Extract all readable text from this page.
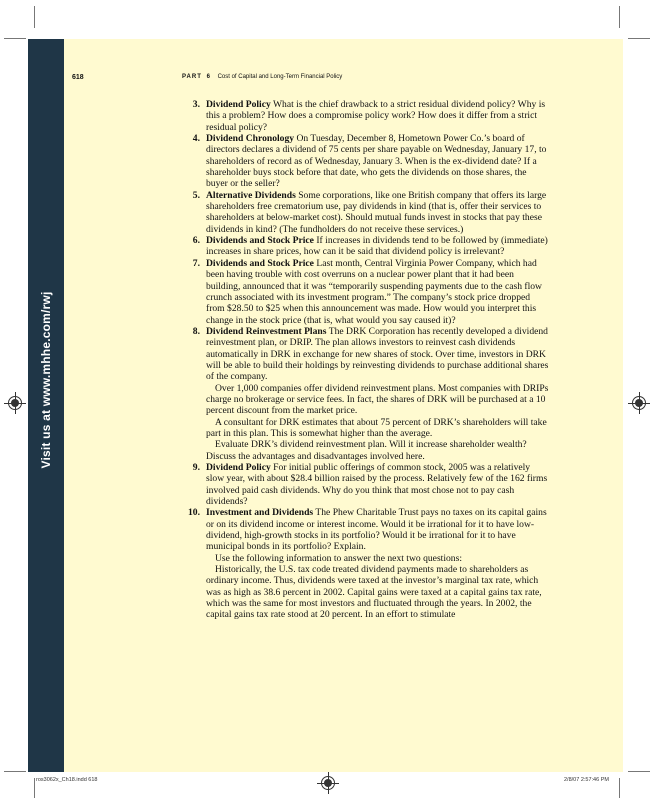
Visit us at www.mhhe.com/rwj
618	PART 6 Cost of Capital and Long-Term Financial Policy
3. Dividend Policy What is the chief drawback to a strict residual dividend policy? Why is this a problem? How does a compromise policy work? How does it differ from a strict residual policy?

4. Dividend Chronology On Tuesday, December 8, Hometown Power Co.’s board of directors declares a dividend of 75 cents per share payable on Wednesday, January 17, to shareholders of record as of Wednesday, January 3. When is the ex-dividend date? If a shareholder buys stock before that date, who gets the dividends on those shares, the buyer or the seller?

5. Alternative Dividends Some corporations, like one British company that offers its large shareholders free crematorium use, pay dividends in kind (that is, offer their services to shareholders at below-market cost). Should mutual funds invest in stocks that pay these dividends in kind? (The fundholders do not receive these services.)

6. Dividends and Stock Price If increases in dividends tend to be followed by (immediate) increases in share prices, how can it be said that dividend policy is irrelevant?

7. Dividends and Stock Price Last month, Central Virginia Power Company, which had been having trouble with cost overruns on a nuclear power plant that it had been building, announced that it was “temporarily suspending payments due to the cash flow crunch associated with its investment program.” The company’s stock price dropped from $28.50 to $25 when this announcement was made. How would you interpret this change in the stock price (that is, what would you say caused it)?

8. Dividend Reinvestment Plans The DRK Corporation has recently developed a dividend reinvestment plan, or DRIP. The plan allows investors to reinvest cash dividends automatically in DRK in exchange for new shares of stock. Over time, investors in DRK will be able to build their holdings by reinvesting dividends to purchase additional shares of the company.

Over 1,000 companies offer dividend reinvestment plans. Most companies with DRIPs charge no brokerage or service fees. In fact, the shares of DRK will be purchased at a 10 percent discount from the market price.

A consultant for DRK estimates that about 75 percent of DRK’s shareholders will take part in this plan. This is somewhat higher than the average.

Evaluate DRK’s dividend reinvestment plan. Will it increase shareholder wealth? Discuss the advantages and disadvantages involved here.

9. Dividend Policy For initial public offerings of common stock, 2005 was a relatively slow year, with about $28.4 billion raised by the process. Relatively few of the 162 firms involved paid cash dividends. Why do you think that most chose not to pay cash dividends?

10. Investment and Dividends The Phew Charitable Trust pays no taxes on its capital gains or on its dividend income or interest income. Would it be irrational for it to have low-dividend, high-growth stocks in its portfolio? Would it be irrational for it to have municipal bonds in its portfolio? Explain.

Use the following information to answer the next two questions:

Historically, the U.S. tax code treated dividend payments made to shareholders as ordinary income. Thus, dividends were taxed at the investor’s marginal tax rate, which was as high as 38.6 percent in 2002. Capital gains were taxed at a capital gains tax rate, which was the same for most investors and fluctuated through the years. In 2002, the capital gains tax rate stood at 20 percent. In an effort to stimulate

ros3062x_Ch18.indd 618	2/8/07 2:57:46 PM
